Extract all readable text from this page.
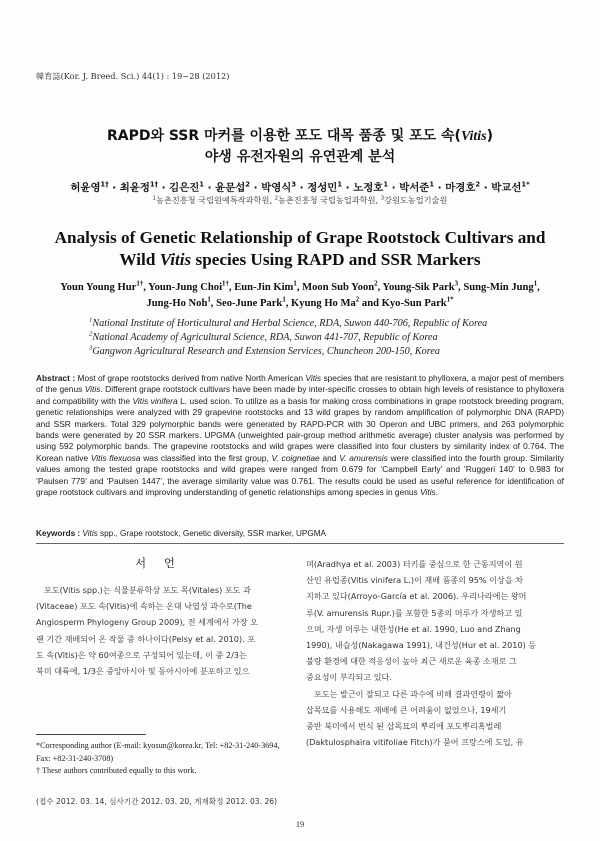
韓育誌(Kor. J. Breed. Sci.) 44(1) : 19~28 (2012)
RAPD와 SSR 마커를 이용한 포도 대목 품종 및 포도 속(Vitis)
야생 유전자원의 유연관계 분석
허윤영$^{1\dagger}$ · 최윤정$^{1\dagger}$ · 김은진$^1$ · 윤문섭$^2$ · 박영식$^3$ · 정성민$^1$ · 노정호$^1$ · 박서준$^1$ · 마경호$^2$ · 박교선$^{1*}$
$^1$농촌진흥청 국립원예특작과학원, $^2$농촌진흥청 국립농업과학원, $^3$강원도농업기술원
Analysis of Genetic Relationship of Grape Rootstock Cultivars and
Wild Vitis species Using RAPD and SSR Markers
Youn Young Hur$^{1\dagger}$, Youn-Jung Choi$^{1\dagger}$, Eun-Jin Kim$^1$, Moon Sub Yoon$^2$, Young-Sik Park$^3$, Sung-Min Jung$^1$,
Jung-Ho Noh$^1$, Seo-June Park$^1$, Kyung Ho Ma$^2$ and Kyo-Sun Park$^{1*}$
$^1$National Institute of Horticultural and Herbal Science, RDA, Suwon 440-706, Republic of Korea
$^2$National Academy of Agricultural Science, RDA, Suwon 441-707, Republic of Korea
$^3$Gangwon Agricultural Research and Extension Services, Chuncheon 200-150, Korea
Abstract : Most of grape rootstocks derived from native North American Vitis species that are resistant to phylloxera, a major pest of members of the genus Vitis. Different grape rootstock cultivars have been made by inter-specific crosses to obtain high levels of resistance to phylloxera and compatibility with the Vitis vinifera L. used scion. To utilize as a basis for making cross combinations in grape rootstock breeding program, genetic relationships were analyzed with 29 grapevine rootstocks and 13 wild grapes by random amplification of polymorphic DNA (RAPD) and SSR markers. Total 329 polymorphic bands were generated by RAPD-PCR with 30 Operon and UBC primers, and 263 polymorphic bands were generated by 20 SSR markers. UPGMA (unweighted pair-group method arithmetic average) cluster analysis was performed by using 592 polymorphic bands. The grapevine rootstocks and wild grapes were classified into four clusters by similarity index of 0.764. The Korean native Vitis flexuosa was classified into the first group, V. coignetiae and V. amurensis were classified into the fourth group. Similarity values among the tested grape rootstocks and wild grapes were ranged from 0.679 for ‘Campbell Early’ and ‘Ruggeri 140’ to 0.983 for ‘Paulsen 779’ and ‘Paulsen 1447’, the average similarity value was 0.761. The results could be used as useful reference for identification of grape rootstock cultivars and improving understanding of genetic relationships among species in genus Vitis.
Keywords : Vitis spp., Grape rootstock, Genetic diversity, SSR marker, UPGMA
서언
포도(Vitis spp.)는 식물분류학상 포도 목(Vitales) 포도 과
(Vitaceae) 포도 속(Vitis)에 속하는 온대 낙엽성 과수로(The
Angiosperm Phylogeny Group 2009), 전 세계에서 가장 오
랜 기간 재배되어 온 작물 중 하나이다(Pelsy et al. 2010). 포
도 속(Vitis)은 약 60여종으로 구성되어 있는데, 이 중 2/3는
북미 대륙에, 1/3은 중앙아시아 및 동아시아에 분포하고 있으
며(Aradhya et al. 2003) 터키를 중심으로 한 근동지역이 원
산인 유럽종(Vitis vinifera L.)이 재배 품종의 95% 이상을 차
지하고 있다(Arroyo-García et al. 2006). 우리나라에는 왕머
루(V. amurensis Rupr.)를 포함한 5종의 머루가 자생하고 있
으며, 자생 머루는 내한성(He et al. 1990, Luo and Zhang
1990), 내습성(Nakagawa 1991), 내건성(Hur et al. 2010) 등
불량 환경에 대한 적응성이 높아 최근 새로운 육종 소재로 그
중요성이 부각되고 있다.
포도는 발근이 잘되고 다른 과수에 비해 결과연령이 짧아
삽목묘를 사용해도 재배에 큰 어려움이 없었으나, 19세기
중반 북미에서 번식 된 삽목묘의 뿌리에 포도뿌리혹벌레
(Daktulosphaira vitifoliae Fitch)가 묻어 프랑스에 도입, 유
*Corresponding author (E-mail: kyosun@korea.kr, Tel: +82-31-240-3694, Fax: +82-31-240-3708)
† These authors contributed equally to this work.
(접수 2012. 03. 14, 심사기간 2012. 03. 20, 게재확정 2012. 03. 26)
19
